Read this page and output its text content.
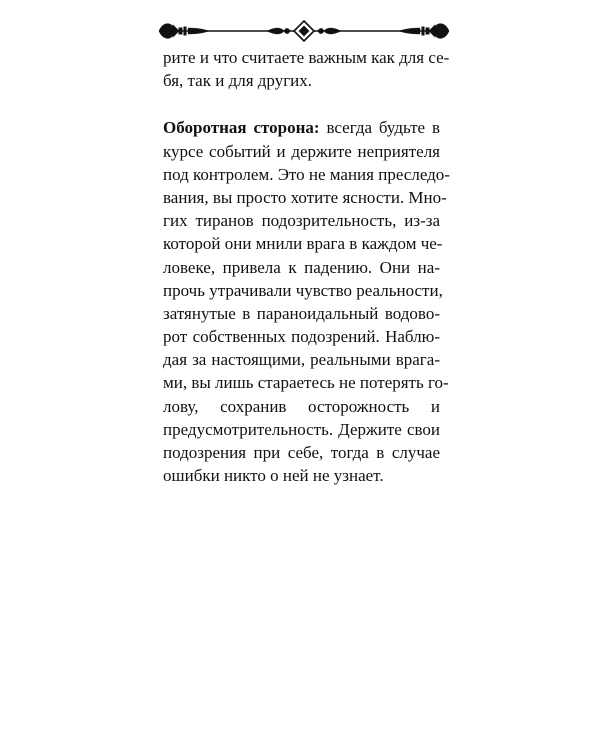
рите и что считаете важным как для се-
бя, так и для других.
Оборотная сторона: всегда будьте в
курсе событий и держите неприятеля
под контролем. Это не мания преследо-
вания, вы просто хотите ясности. Мно-
гих тиранов подозрительность, из-за
которой они мнили врага в каждом че-
ловеке, привела к падению. Они на-
прочь утрачивали чувство реальности,
затянутые в параноидальный водово-
рот собственных подозрений. Наблю-
дая за настоящими, реальными врага-
ми, вы лишь стараетесь не потерять го-
лову, сохранив осторожность и
предусмотрительность. Держите свои
подозрения при себе, тогда в случае
ошибки никто о ней не узнает.
